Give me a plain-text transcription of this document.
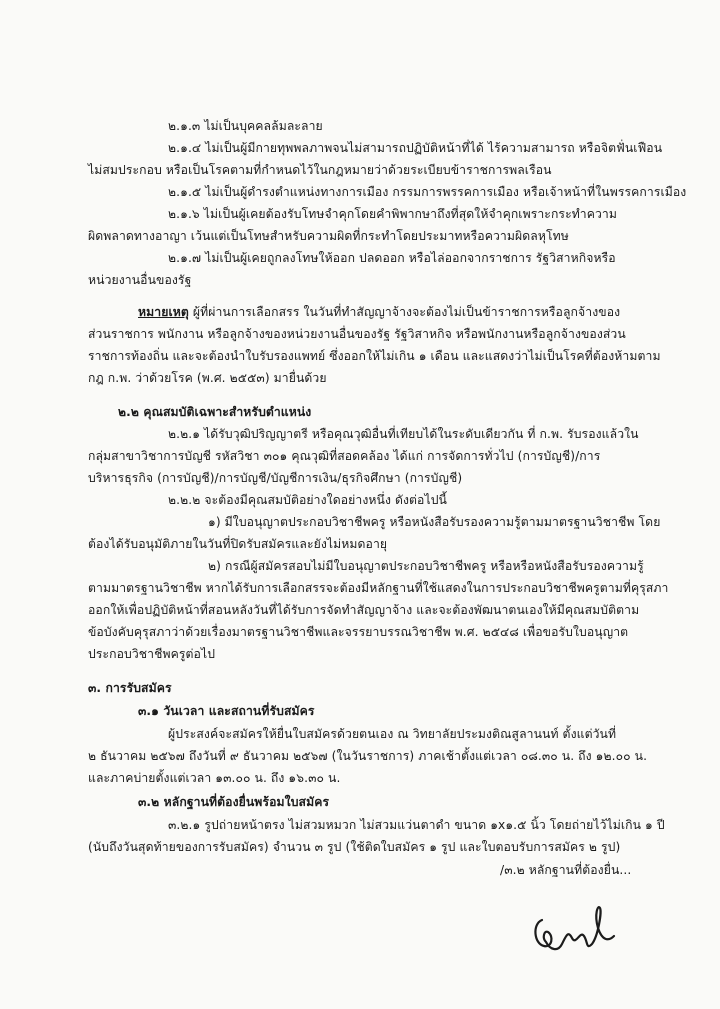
๒.๑.๓ ไม่เป็นบุคคลล้มละลาย
๒.๑.๔ ไม่เป็นผู้มีกายทุพพลภาพจนไม่สามารถปฏิบัติหน้าที่ได้ ไร้ความสามารถ หรือจิตฟั่นเฟือน
ไม่สมประกอบ หรือเป็นโรคตามที่กำหนดไว้ในกฎหมายว่าด้วยระเบียบข้าราชการพลเรือน
๒.๑.๕ ไม่เป็นผู้ดำรงตำแหน่งทางการเมือง กรรมการพรรคการเมือง หรือเจ้าหน้าที่ในพรรคการเมือง
๒.๑.๖ ไม่เป็นผู้เคยต้องรับโทษจำคุกโดยคำพิพากษาถึงที่สุดให้จำคุกเพราะกระทำความ
ผิดพลาดทางอาญา เว้นแต่เป็นโทษสำหรับความผิดที่กระทำโดยประมาทหรือความผิดลหุโทษ
๒.๑.๗ ไม่เป็นผู้เคยถูกลงโทษให้ออก ปลดออก หรือไล่ออกจากราชการ รัฐวิสาหกิจหรือ
หน่วยงานอื่นของรัฐ
หมายเหตุ ผู้ที่ผ่านการเลือกสรร ในวันที่ทำสัญญาจ้างจะต้องไม่เป็นข้าราชการหรือลูกจ้างของ
ส่วนราชการ พนักงาน หรือลูกจ้างของหน่วยงานอื่นของรัฐ รัฐวิสาหกิจ หรือพนักงานหรือลูกจ้างของส่วน
ราชการท้องถิ่น และจะต้องนำใบรับรองแพทย์ ซึ่งออกให้ไม่เกิน ๑ เดือน และแสดงว่าไม่เป็นโรคที่ต้องห้ามตาม
กฎ ก.พ. ว่าด้วยโรค (พ.ศ. ๒๕๕๓) มายื่นด้วย
๒.๒ คุณสมบัติเฉพาะสำหรับตำแหน่ง
๒.๒.๑ ได้รับวุฒิปริญญาตรี หรือคุณวุฒิอื่นที่เทียบได้ในระดับเดียวกัน ที่ ก.พ. รับรองแล้วใน
กลุ่มสาขาวิชาการบัญชี รหัสวิชา ๓๐๑ คุณวุฒิที่สอดคล้อง ได้แก่ การจัดการทั่วไป (การบัญชี)/การ
บริหารธุรกิจ (การบัญชี)/การบัญชี/บัญชีการเงิน/ธุรกิจศึกษา (การบัญชี)
๒.๒.๒ จะต้องมีคุณสมบัติอย่างใดอย่างหนึ่ง ดังต่อไปนี้
๑) มีใบอนุญาตประกอบวิชาชีพครู หรือหนังสือรับรองความรู้ตามมาตรฐานวิชาชีพ โดย
ต้องได้รับอนุมัติภายในวันที่ปิดรับสมัครและยังไม่หมดอายุ
๒) กรณีผู้สมัครสอบไม่มีใบอนุญาตประกอบวิชาชีพครู หรือหรือหนังสือรับรองความรู้
ตามมาตรฐานวิชาชีพ หากได้รับการเลือกสรรจะต้องมีหลักฐานที่ใช้แสดงในการประกอบวิชาชีพครูตามที่คุรุสภา
ออกให้เพื่อปฏิบัติหน้าที่สอนหลังวันที่ได้รับการจัดทำสัญญาจ้าง และจะต้องพัฒนาตนเองให้มีคุณสมบัติตาม
ข้อบังคับคุรุสภาว่าด้วยเรื่องมาตรฐานวิชาชีพและจรรยาบรรณวิชาชีพ พ.ศ. ๒๕๔๘ เพื่อขอรับใบอนุญาต
ประกอบวิชาชีพครูต่อไป
๓. การรับสมัคร
๓.๑ วันเวลา และสถานที่รับสมัคร
ผู้ประสงค์จะสมัครให้ยื่นใบสมัครด้วยตนเอง ณ วิทยาลัยประมงติณสูลานนท์ ตั้งแต่วันที่
๒ ธันวาคม ๒๕๖๗ ถึงวันที่ ๙ ธันวาคม ๒๕๖๗ (ในวันราชการ) ภาคเช้าตั้งแต่เวลา ๐๘.๓๐ น. ถึง ๑๒.๐๐ น.
และภาคบ่ายตั้งแต่เวลา ๑๓.๐๐ น. ถึง ๑๖.๓๐ น.
๓.๒ หลักฐานที่ต้องยื่นพร้อมใบสมัคร
๓.๒.๑ รูปถ่ายหน้าตรง ไม่สวมหมวก ไม่สวมแว่นตาดำ ขนาด ๑x๑.๕ นิ้ว โดยถ่ายไว้ไม่เกิน ๑ ปี
(นับถึงวันสุดท้ายของการรับสมัคร) จำนวน ๓ รูป (ใช้ติดใบสมัคร ๑ รูป และใบตอบรับการสมัคร ๒ รูป)
/๓.๒ หลักฐานที่ต้องยื่น...
